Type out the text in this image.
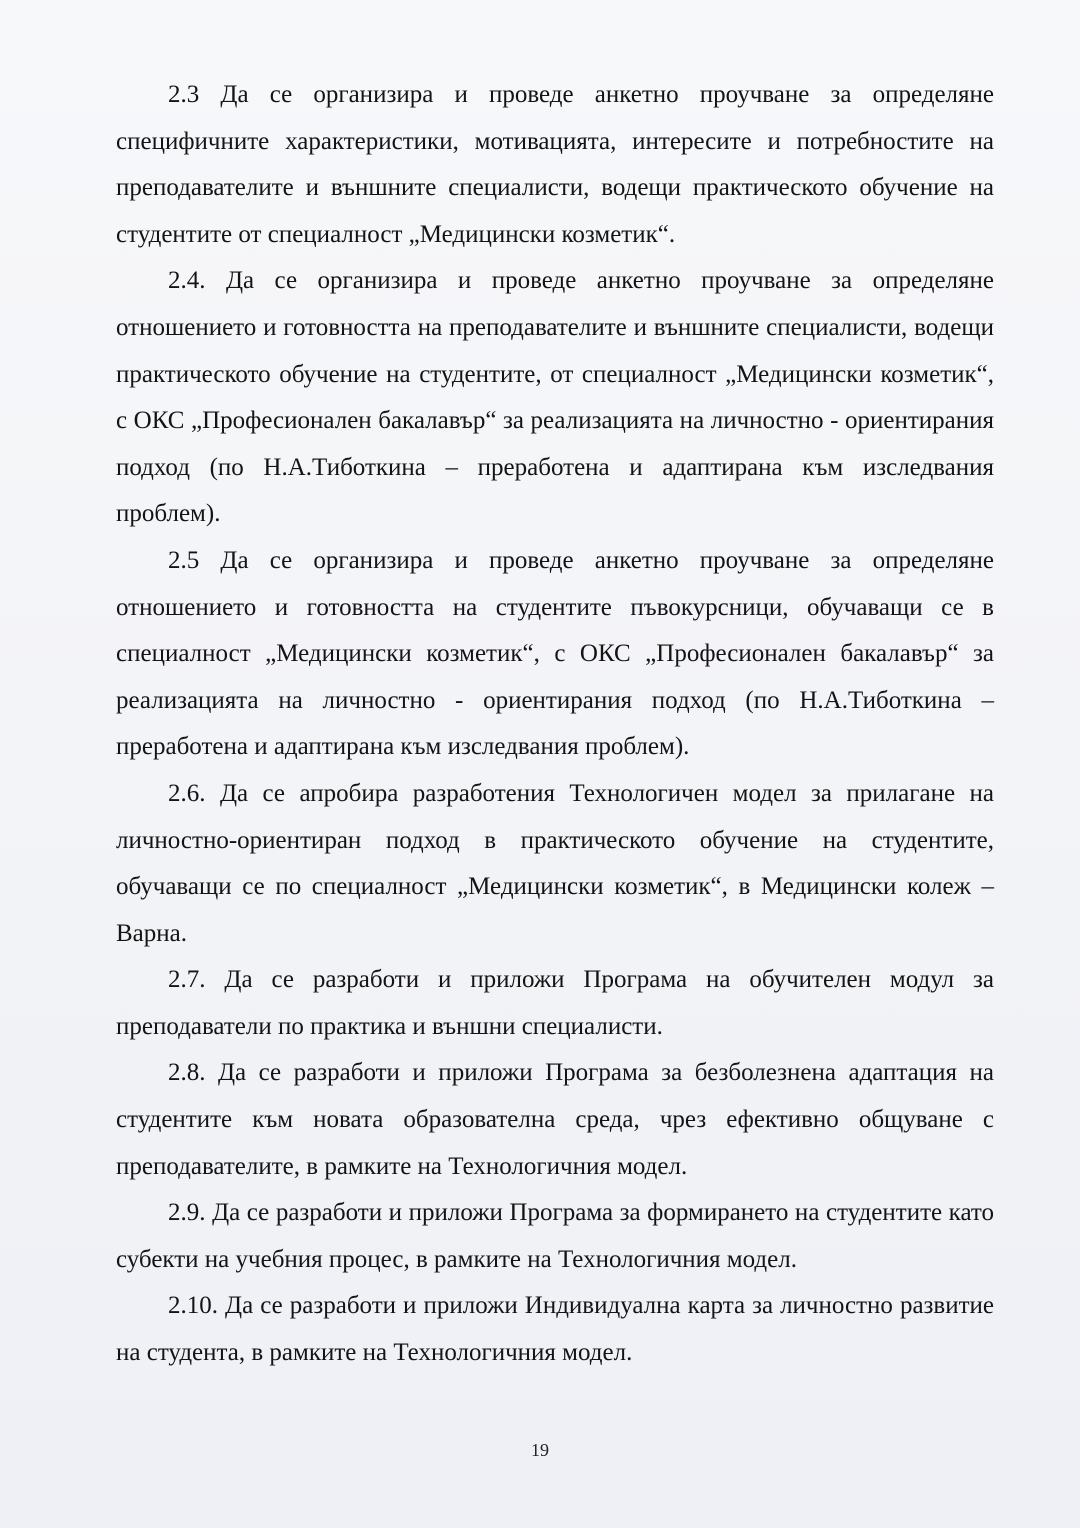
2.3 Да се организира и проведе анкетно проучване за определяне специфичните характеристики, мотивацията, интересите и потребностите на преподавателите и външните специалисти, водещи практическото обучение на студентите от специалност „Медицински козметик“.

2.4. Да се организира и проведе анкетно проучване за определяне отношението и готовността на преподавателите и външните специалисти, водещи практическото обучение на студентите, от специалност „Медицински козметик“, с ОКС „Професионален бакалавър“ за реализацията на личностно - ориентирания подход (по Н.А.Тиботкина – преработена и адаптирана към изследвания проблем).

2.5 Да се организира и проведе анкетно проучване за определяне отношението и готовността на студентите пъвокурсници, обучаващи се в специалност „Медицински козметик“, с ОКС „Професионален бакалавър“ за реализацията на личностно - ориентирания подход (по Н.А.Тиботкина – преработена и адаптирана към изследвания проблем).

2.6. Да се апробира разработения Технологичен модел за прилагане на личностно-ориентиран подход в практическото обучение на студентите, обучаващи се по специалност „Медицински козметик“, в Медицински колеж – Варна.

2.7. Да се разработи и приложи Програма на обучителен модул за преподаватели по практика и външни специалисти.

2.8. Да се разработи и приложи Програма за безболезнена адаптация на студентите към новата образователна среда, чрез ефективно общуване с преподавателите, в рамките на Технологичния модел.

2.9. Да се разработи и приложи Програма за формирането на студентите като субекти на учебния процес, в рамките на Технологичния модел.

2.10. Да се разработи и приложи Индивидуална карта за личностно развитие на студента, в рамките на Технологичния модел.

19
